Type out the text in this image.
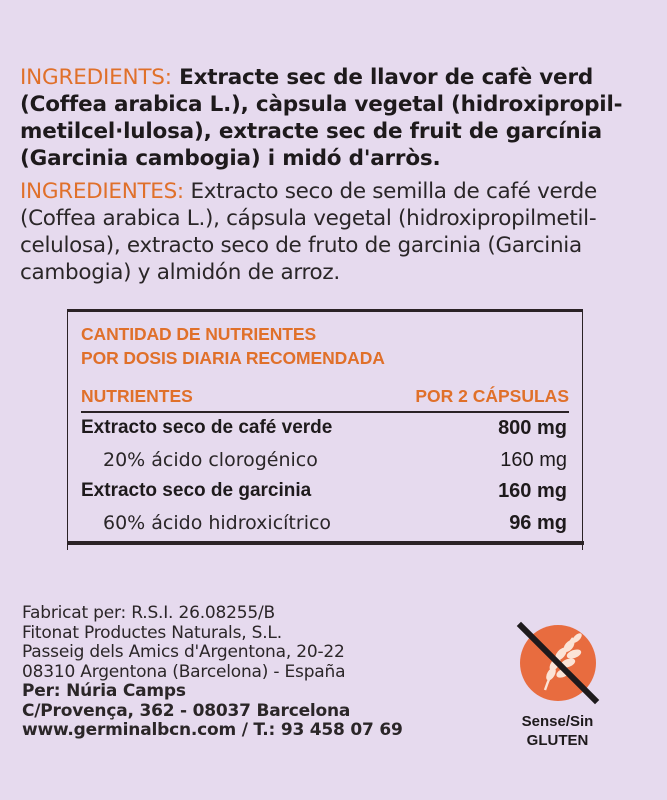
INGREDIENTS: Extracte sec de llavor de cafè verd (Coffea arabica L.), càpsula vegetal (hidroxipropil-metilcel·lulosa), extracte sec de fruit de garcínia (Garcinia cambogia) i midó d'arròs.
INGREDIENTES: Extracto seco de semilla de café verde (Coffea arabica L.), cápsula vegetal (hidroxipropilmetil-celulosa), extracto seco de fruto de garcinia (Garcinia cambogia) y almidón de arroz.
CANTIDAD DE NUTRIENTES
POR DOSIS DIARIA RECOMENDADA
NUTRIENTES	POR 2 CÁPSULAS
Extracto seco de café verde	800 mg
20% ácido clorogénico	160 mg
Extracto seco de garcinia	160 mg
60% ácido hidroxicítrico	96 mg
Fabricat per: R.S.I. 26.08255/B
Fitonat Productes Naturals, S.L.
Passeig dels Amics d'Argentona, 20-22
08310 Argentona (Barcelona) - España
Per: Núria Camps
C/Provença, 362 - 08037 Barcelona
www.germinalbcn.com / T.: 93 458 07 69	Sense/Sin
GLUTEN
